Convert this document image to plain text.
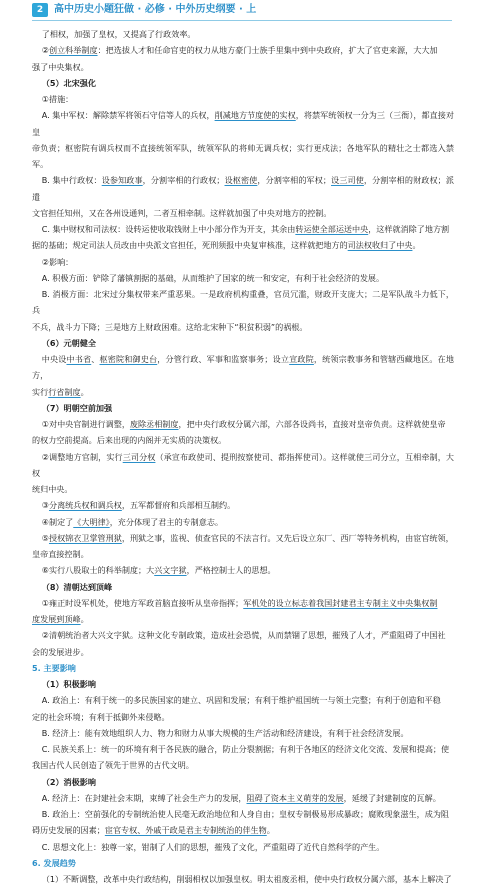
2	高中历史小题狂做 · 必修 · 中外历史纲要 · 上

了相权，加强了皇权，又提高了行政效率。

②创立科举制度：把选拔人才和任命官吏的权力从地方豪门士族手里集中到中央政府，扩大了官吏来源，大大加

强了中央集权。

（5）北宋强化

①措施：

A. 集中军权：解除禁军将领石守信等人的兵权，削减地方节度使的实权，将禁军统领权一分为三（三衙），都直接对皇

帝负责；枢密院有调兵权而不直接统领军队，统领军队的将帅无调兵权；实行更戍法；各地军队的精壮之士都选入禁军。

B. 集中行政权：设参知政事，分割宰相的行政权；设枢密使，分割宰相的军权；设三司使，分割宰相的财政权；派遣

文官担任知州，又在各州设通判，二者互相牵制。这样就加强了中央对地方的控制。

C. 集中财权和司法权：设转运使收取钱财上中小部分作为开支，其余由转运使全部运送中央，这样就消除了地方割

据的基础；规定司法人员改由中央派文官担任，死刑须报中央复审核准，这样就把地方的司法权收归了中央。

②影响：

A. 积极方面：铲除了藩镇割据的基础，从而维护了国家的统一和安定，有利于社会经济的发展。

B. 消极方面：北宋过分集权带来严重恶果。一是政府机构重叠，官员冗滥，财政开支庞大；二是军队战斗力低下，兵

不兵，战斗力下降；三是地方上财政困难。这给北宋种下“积贫积弱”的祸根。

（6）元朝健全

中央设中书省、枢密院和御史台，分管行政、军事和监察事务；设立宣政院，统领宗教事务和管辖西藏地区。在地方，

实行行省制度。

（7）明朝空前加强

①对中央官制进行调整，废除丞相制度，把中央行政权分属六部，六部各设尚书，直接对皇帝负责。这样就使皇帝

的权力空前提高。后来出现的内阁并无实质的决策权。

②调整地方官制，实行三司分权（承宣布政使司、提刑按察使司、都指挥使司）。这样就使三司分立，互相牵制，大权

统归中央。

③分离统兵权和调兵权，五军都督府和兵部相互制约。

④制定了《大明律》，充分体现了君主的专制意志。

⑤授权锦衣卫掌管刑狱，刑狱之事，监视、侦查官民的不法言行。又先后设立东厂、西厂等特务机构，由宦官统领，

皇帝直接控制。

⑥实行八股取士的科举制度；大兴文字狱，严格控制士人的思想。

（8）清朝达到顶峰

①雍正时设军机处，使地方军政首脑直接听从皇帝指挥；军机处的设立标志着我国封建君主专制主义中央集权制

度发展到顶峰。

②清朝统治者大兴文字狱。这种文化专制政策，造成社会恐慌，从而禁锢了思想，摧残了人才，严重阻碍了中国社

会的发展进步。

5. 主要影响

（1）积极影响

A. 政治上：有利于统一的多民族国家的建立、巩固和发展；有利于维护祖国统一与领土完整；有利于创造和平稳

定的社会环境；有利于抵御外来侵略。

B. 经济上：能有效地组织人力、物力和财力从事大规模的生产活动和经济建设，有利于社会经济发展。

C. 民族关系上：统一的环境有利于各民族的融合，防止分裂割据；有利于各地区的经济文化交流、发展和提高；使

我国古代人民创造了领先于世界的古代文明。

（2）消极影响

A. 经济上：在封建社会末期，束缚了社会生产力的发展，阻碍了资本主义萌芽的发展，延缓了封建制度的瓦解。

B. 政治上：空前强化的专制统治使人民毫无政治地位和人身自由；皇权专制极易形成暴政；腐败现象滋生，成为阻

碍历史发展的因素；宦官专权、外戚干政是君主专制统治的伴生物。

C. 思想文化上：独尊一家，钳制了人们的思想，摧残了文化，严重阻碍了近代自然科学的产生。

6. 发展趋势

（1）不断调整，改革中央行政结构，削弱相权以加强皇权。明太祖废丞相，使中央行政权分属六部，基本上解决了
